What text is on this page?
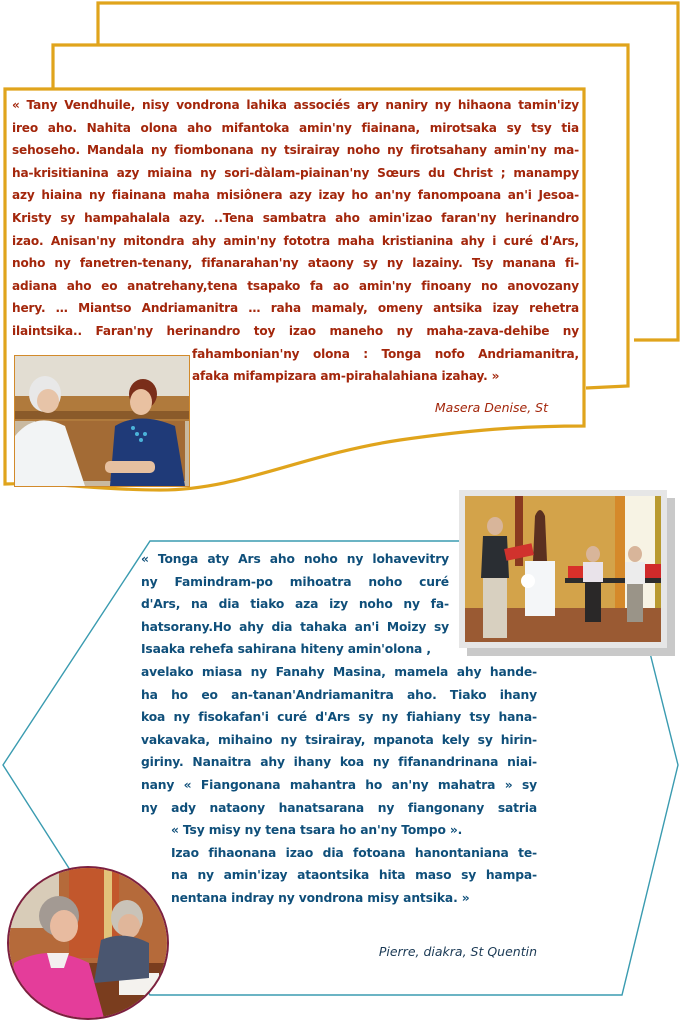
« Tany Vendhuile, nisy vondrona lahika associés ary naniry ny hihaona tamin'izy
ireo aho. Nahita olona aho mifantoka amin'ny fiainana, mirotsaka sy tsy tia
sehoseho. Mandala ny fiombonana ny tsirairay noho ny firotsahany amin'ny ma-
ha-krisitianina azy miaina ny sori-dàlam-piainan'ny Sœurs du Christ ; manampy
azy hiaina ny fiainana maha misiônera azy izay ho an'ny fanompoana an'i Jesoa-
Kristy sy hampahalala azy. ..Tena sambatra aho amin'izao faran'ny herinandro
izao. Anisan'ny mitondra ahy amin'ny fototra maha kristianina ahy i curé d'Ars,
noho ny fanetren-tenany, fifanarahan'ny ataony sy ny lazainy. Tsy manana fi-
adiana aho eo anatrehany,tena tsapako fa ao amin'ny finoany no anovozany
hery. … Miantso Andriamanitra … raha mamaly, omeny antsika izay rehetra
ilaintsika.. Faran'ny herinandro toy izao maneho ny maha-zava-dehibe ny
fahambonian'ny olona : Tonga nofo Andriamanitra,
afaka mifampizara am-pirahalahiana izahay. »
Masera Denise, St
« Tonga aty Ars aho noho ny lohavevitry
ny Famindram-po mihoatra noho curé
d'Ars, na dia tiako aza izy noho ny fa-
hatsorany.Ho ahy dia tahaka an'i Moizy sy
Isaaka rehefa sahirana hiteny amin'olona ,
avelako miasa ny Fanahy Masina, mamela ahy hande-
ha ho eo an-tanan'Andriamanitra aho. Tiako ihany
koa ny fisokafan'i curé d'Ars sy ny fiahiany tsy hana-
vakavaka, mihaino ny tsirairay, mpanota kely sy hirin-
giriny. Nanaitra ahy ihany koa ny fifanandrinana niai-
nany « Fiangonana mahantra ho an'ny mahatra » sy
ny ady nataony hanatsarana ny fiangonany satria
« Tsy misy ny tena tsara ho an'ny Tompo ».
Izao fihaonana izao dia fotoana hanontaniana te-
na ny amin'izay ataontsika hita maso sy hampa-
nentana indray ny vondrona misy antsika. »
Pierre, diakra, St Quentin
